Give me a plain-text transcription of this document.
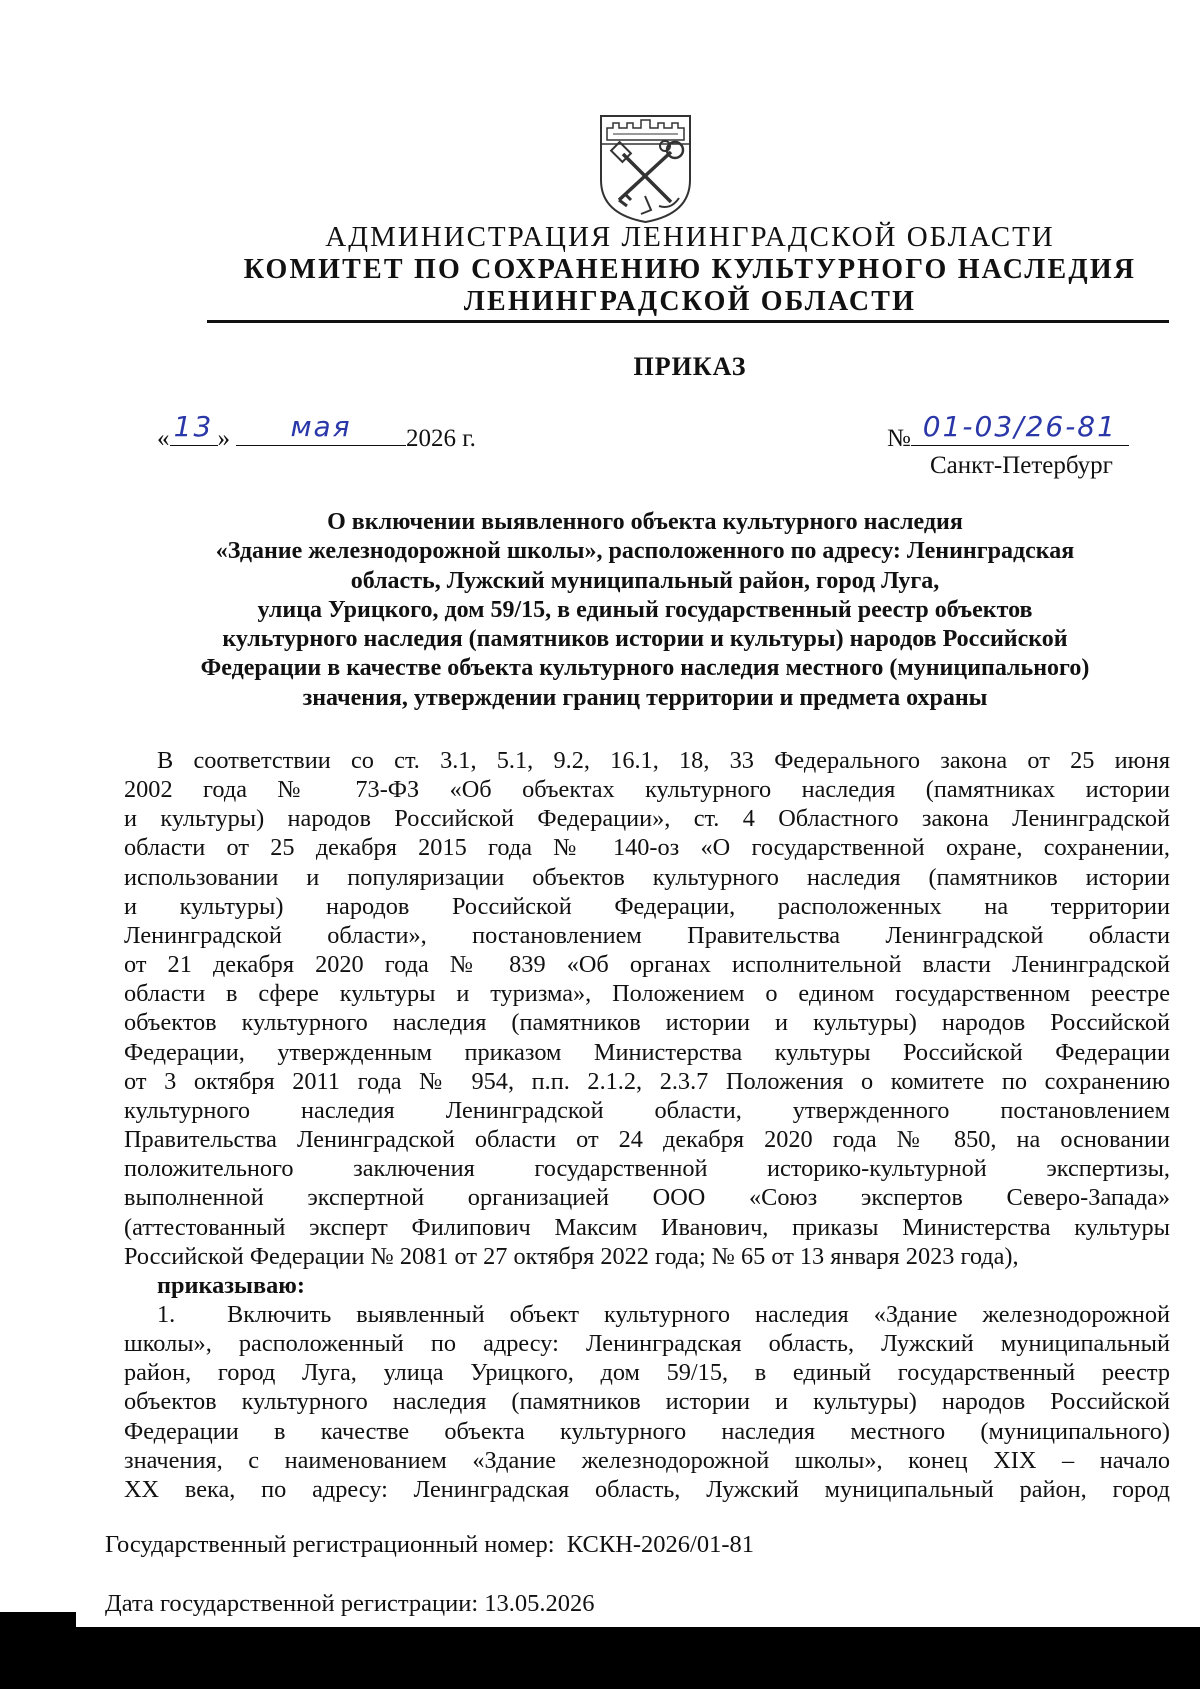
АДМИНИСТРАЦИЯ ЛЕНИНГРАДСКОЙ ОБЛАСТИ
КОМИТЕТ ПО СОХРАНЕНИЮ КУЛЬТУРНОГО НАСЛЕДИЯ
ЛЕНИНГРАДСКОЙ ОБЛАСТИ
ПРИКАЗ
« 13 »	мая	2026 г.	№ 01-03/26-81
Санкт-Петербург
О включении выявленного объекта культурного наследия
«Здание железнодорожной школы», расположенного по адресу: Ленинградская
область, Лужский муниципальный район, город Луга,
улица Урицкого, дом 59/15, в единый государственный реестр объектов
культурного наследия (памятников истории и культуры) народов Российской
Федерации в качестве объекта культурного наследия местного (муниципального)
значения, утверждении границ территории и предмета охраны
В соответствии со ст. 3.1, 5.1, 9.2, 16.1, 18, 33 Федерального закона от 25 июня
2002 года № 73-ФЗ «Об объектах культурного наследия (памятниках истории
и культуры) народов Российской Федерации», ст. 4 Областного закона Ленинградской
области от 25 декабря 2015 года № 140-оз «О государственной охране, сохранении,
использовании и популяризации объектов культурного наследия (памятников истории
и культуры) народов Российской Федерации, расположенных на территории
Ленинградской области», постановлением Правительства Ленинградской области
от 21 декабря 2020 года № 839 «Об органах исполнительной власти Ленинградской
области в сфере культуры и туризма», Положением о едином государственном реестре
объектов культурного наследия (памятников истории и культуры) народов Российской
Федерации, утвержденным приказом Министерства культуры Российской Федерации
от 3 октября 2011 года № 954, п.п. 2.1.2, 2.3.7 Положения о комитете по сохранению
культурного наследия Ленинградской области, утвержденного постановлением
Правительства Ленинградской области от 24 декабря 2020 года № 850, на основании
положительного заключения государственной историко-культурной экспертизы,
выполненной экспертной организацией ООО «Союз экспертов Северо-Запада»
(аттестованный эксперт Филипович Максим Иванович, приказы Министерства культуры
Российской Федерации № 2081 от 27 октября 2022 года; № 65 от 13 января 2023 года),
приказываю:
1. Включить выявленный объект культурного наследия «Здание железнодорожной
школы», расположенный по адресу: Ленинградская область, Лужский муниципальный
район, город Луга, улица Урицкого, дом 59/15, в единый государственный реестр
объектов культурного наследия (памятников истории и культуры) народов Российской
Федерации в качестве объекта культурного наследия местного (муниципального)
значения, с наименованием «Здание железнодорожной школы», конец XIX – начало
XX века, по адресу: Ленинградская область, Лужский муниципальный район, город
Государственный регистрационный номер: КСКН-2026/01-81
Дата государственной регистрации: 13.05.2026
